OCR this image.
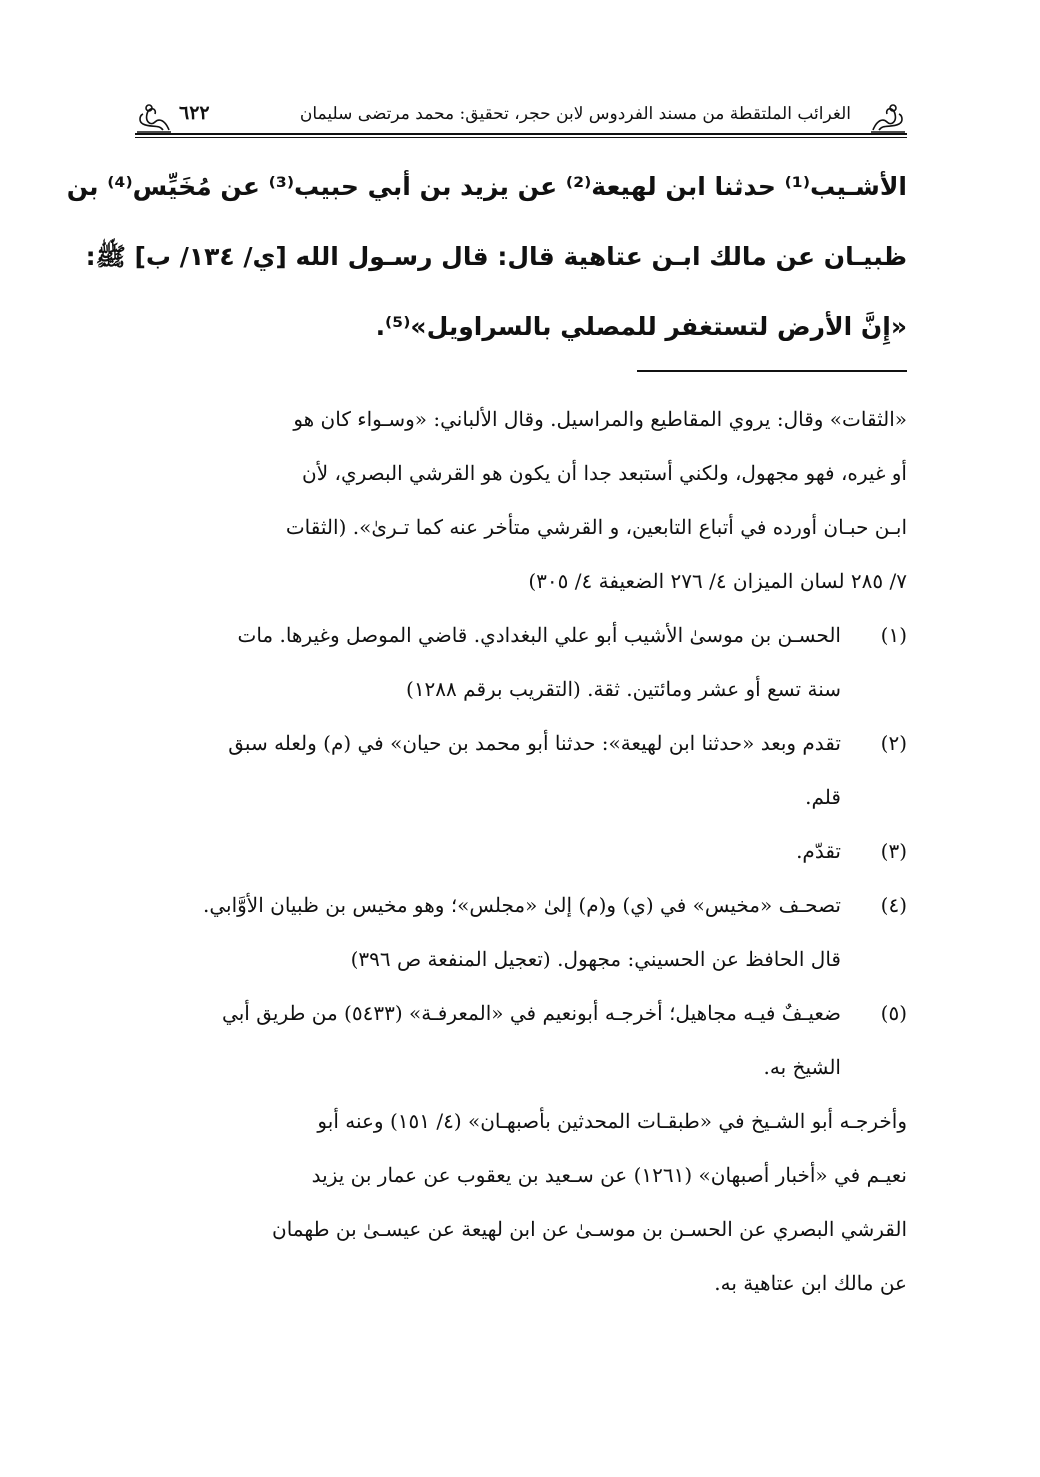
الغرائب الملتقطة من مسند الفردوس لابن حجر، تحقيق: محمد مرتضى سليمان
٦٢٢
الأشـيب⁽¹⁾ حدثنا ابن لهيعة⁽²⁾ عن يزيد بن أبي حبيب⁽³⁾ عن مُخَيِّس⁽⁴⁾ بن
ظبيـان عن مالك ابـن عتاهية قال: قال رسـول الله [ي/ ١٣٤/ ب] ﷺ:
«إِنَّ الأرض لتستغفر للمصلي بالسراويل»⁽⁵⁾.
«الثقات» وقال: يروي المقاطيع والمراسيل. وقال الألباني: «وسـواء كان هو
أو غيره، فهو مجهول، ولكني أستبعد جدا أن يكون هو القرشي البصري، لأن
ابـن حبـان أورده في أتباع التابعين، و القرشي متأخر عنه كما تـرىٰ». (الثقات
٧/ ٢٨٥ لسان الميزان ٤/ ٢٧٦ الضعيفة ٤/ ٣٠٥)
(١)الحسـن بن موسىٰ الأشيب أبو علي البغدادي. قاضي الموصل وغيرها. مات
سنة تسع أو عشر ومائتين. ثقة. (التقريب برقم ١٢٨٨)
(٢)تقدم وبعد «حدثنا ابن لهيعة»: حدثنا أبو محمد بن حيان» في (م) ولعله سبق
قلم.
(٣)تقدّم.
(٤)تصحـف «مخيس» في (ي) و(م) إلىٰ «مجلس»؛ وهو مخيس بن ظبيان الأوَّابي.
قال الحافظ عن الحسيني: مجهول. (تعجيل المنفعة ص ٣٩٦)
(٥)ضعيـفٌ فيـه مجاهيل؛ أخرجـه أبونعيم في «المعرفـة» (٥٤٣٣) من طريق أبي
الشيخ به.
وأخرجـه أبو الشـيخ في «طبقـات المحدثين بأصبهـان» (٤/ ١٥١) وعنه أبو
نعيـم في «أخبار أصبهان» (١٢٦١) عن سـعيد بن يعقوب عن عمار بن يزيد
القرشي البصري عن الحسـن بن موسـىٰ عن ابن لهيعة عن عيسـىٰ بن طهمان
عن مالك ابن عتاهية به.
